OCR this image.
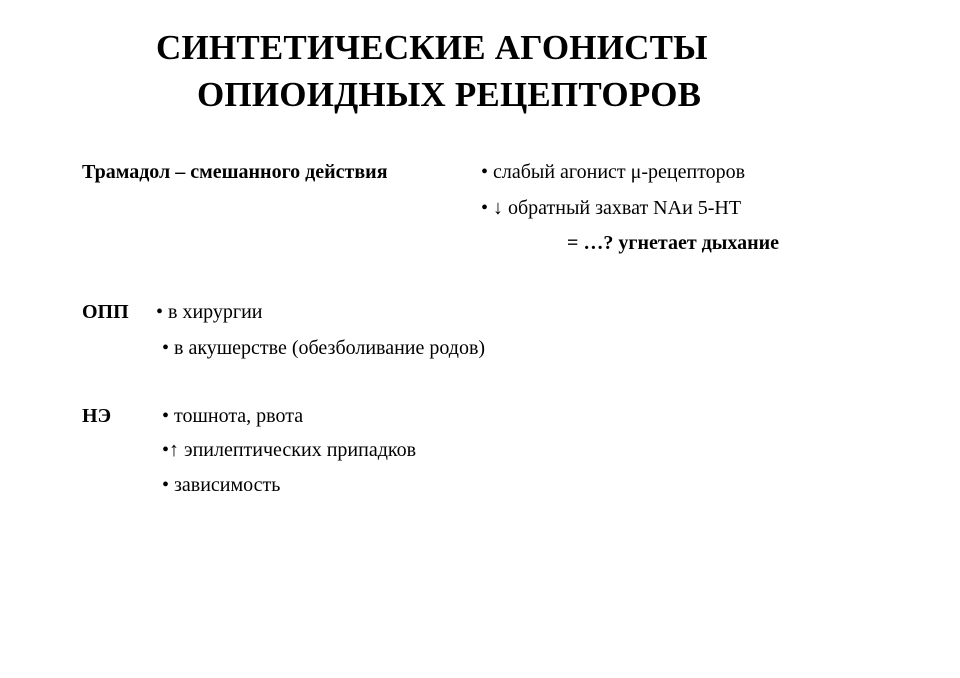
СИНТЕТИЧЕСКИЕ АГОНИСТЫ
ОПИОИДНЫХ РЕЦЕПТОРОВ
Трамадол – смешанного действия	• слабый агонист μ-рецепторов
• ↓ обратный захват NAи 5-НТ
= …? угнетает дыхание
ОПП • в хирургии
• в акушерстве (обезболивание родов)
НЭ	• тошнота, рвота
•↑ эпилептических припадков
• зависимость
